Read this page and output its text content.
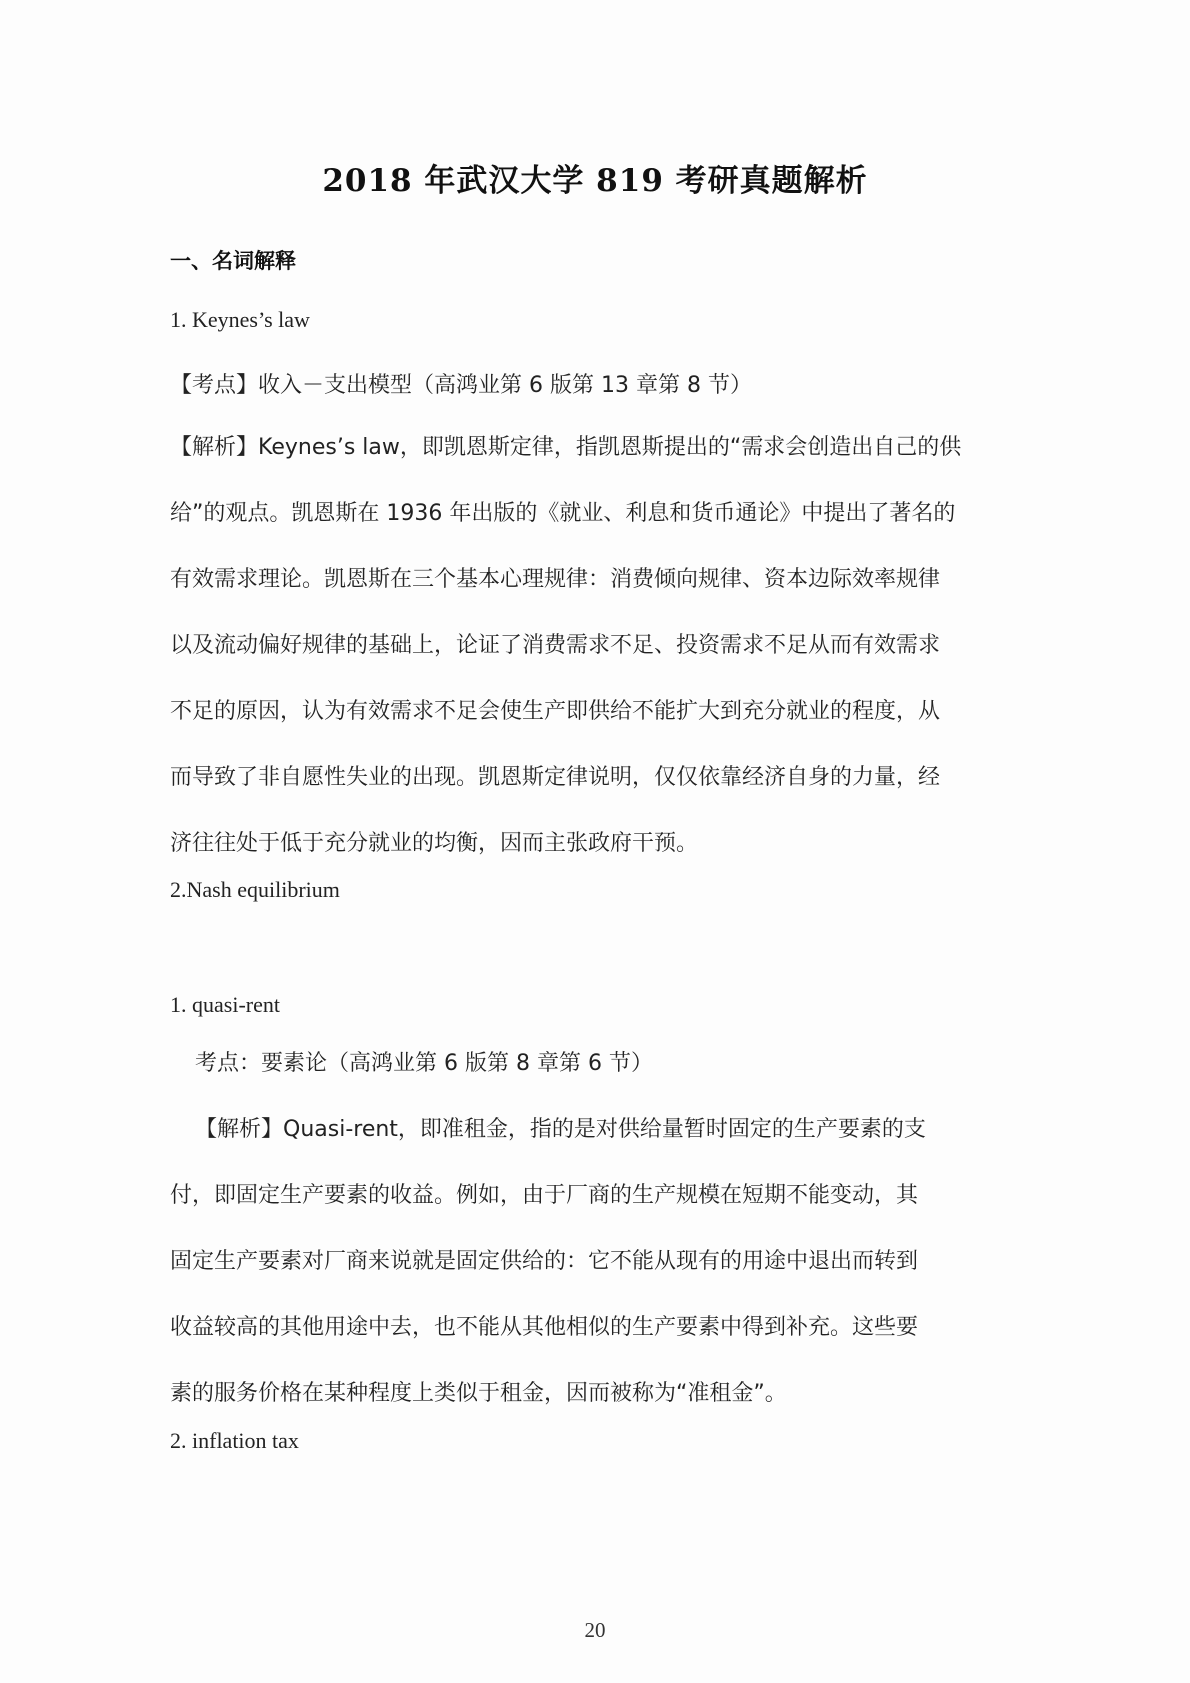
2018 年武汉大学 819 考研真题解析
一、名词解释
1. Keynes’s law
【考点】收入－支出模型（高鸿业第 6 版第 13 章第 8 节）
【解析】Keynes’s law，即凯恩斯定律，指凯恩斯提出的“需求会创造出自己的供
给”的观点。凯恩斯在 1936 年出版的《就业、利息和货币通论》中提出了著名的
有效需求理论。凯恩斯在三个基本心理规律：消费倾向规律、资本边际效率规律
以及流动偏好规律的基础上，论证了消费需求不足、投资需求不足从而有效需求
不足的原因，认为有效需求不足会使生产即供给不能扩大到充分就业的程度，从
而导致了非自愿性失业的出现。凯恩斯定律说明，仅仅依靠经济自身的力量，经
济往往处于低于充分就业的均衡，因而主张政府干预。
2.Nash equilibrium
1. quasi-rent
考点：要素论（高鸿业第 6 版第 8 章第 6 节）
【解析】Quasi-rent，即准租金，指的是对供给量暂时固定的生产要素的支
付，即固定生产要素的收益。例如，由于厂商的生产规模在短期不能变动，其
固定生产要素对厂商来说就是固定供给的：它不能从现有的用途中退出而转到
收益较高的其他用途中去，也不能从其他相似的生产要素中得到补充。这些要
素的服务价格在某种程度上类似于租金，因而被称为“准租金”。
2. inflation tax
20
